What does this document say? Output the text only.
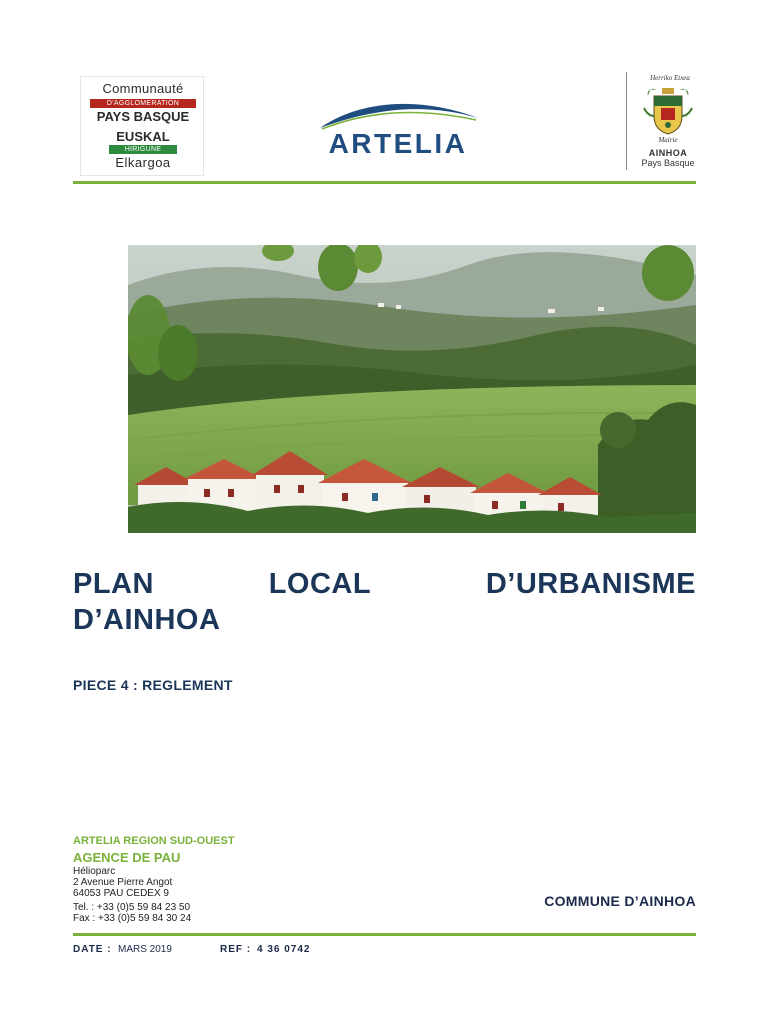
Communauté
D'AGGLOMERATION
PAYS BASQUE
EUSKAL
HIRIGUNE
Elkargoa
ARTELIA
Herriko Etxea
Mairie
AINHOA
Pays Basque
PLAN	LOCAL	D’URBANISME
D’AINHOA
PIECE 4 : REGLEMENT
ARTELIA REGION SUD-OUEST
AGENCE DE PAU
Hélioparc
2 Avenue Pierre Angot
64053 PAU CEDEX 9
Tel. : +33 (0)5 59 84 23 50
Fax : +33 (0)5 59 84 30 24
COMMUNE D’AINHOA
DATE : MARS 2019	REF : 4 36 0742
